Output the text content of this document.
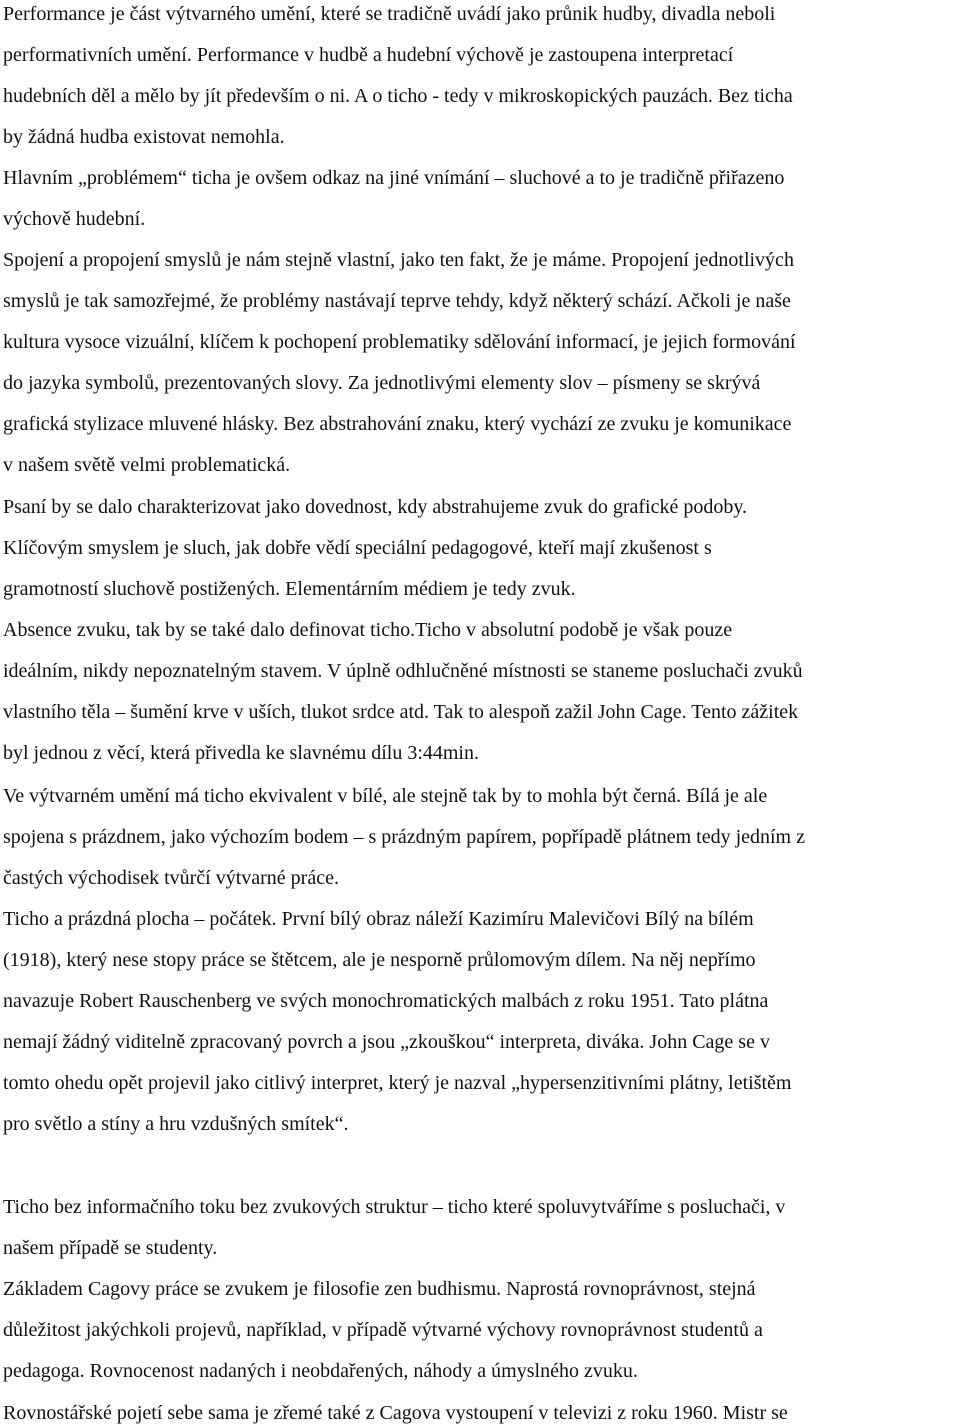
Performance je část výtvarného umění, které se tradičně uvádí jako průnik hudby, divadla neboli
performativních umění. Performance v hudbě a hudební výchově je zastoupena interpretací
hudebních děl a mělo by jít především o ni. A o ticho - tedy v mikroskopických pauzách. Bez ticha
by žádná hudba existovat nemohla.
Hlavním „problémem“ ticha je ovšem odkaz na jiné vnímání – sluchové a to je tradičně přiřazeno
výchově hudební.
Spojení a propojení smyslů je nám stejně vlastní, jako ten fakt, že je máme. Propojení jednotlivých
smyslů je tak samozřejmé, že problémy nastávají teprve tehdy, když některý schází. Ačkoli je naše
kultura vysoce vizuální, klíčem k pochopení problematiky sdělování informací, je jejich formování
do jazyka symbolů, prezentovaných slovy. Za jednotlivými elementy slov – písmeny se skrývá
grafická stylizace mluvené hlásky. Bez abstrahování znaku, který vychází ze zvuku je komunikace
v našem světě velmi problematická.
Psaní by se dalo charakterizovat jako dovednost, kdy abstrahujeme zvuk do grafické podoby.
Klíčovým smyslem je sluch, jak dobře vědí speciální pedagogové, kteří mají zkušenost s
gramotností sluchově postižených. Elementárním médiem je tedy zvuk.
Absence zvuku, tak by se také dalo definovat ticho.Ticho v absolutní podobě je však pouze
ideálním, nikdy nepoznatelným stavem. V úplně odhlučněné místnosti se staneme posluchači zvuků
vlastního těla – šumění krve v uších, tlukot srdce atd. Tak to alespoň zažil John Cage. Tento zážitek
byl jednou z věcí, která přivedla ke slavnému dílu 3:44min.
Ve výtvarném umění má ticho ekvivalent v bílé, ale stejně tak by to mohla být černá. Bílá je ale
spojena s prázdnem, jako výchozím bodem – s prázdným papírem, popřípadě plátnem tedy jedním z
častých východisek tvůrčí výtvarné práce.
Ticho a prázdná plocha – počátek. První bílý obraz náleží Kazimíru Malevičovi Bílý na bílém
(1918), který nese stopy práce se štětcem, ale je nesporně průlomovým dílem. Na něj nepřímo
navazuje Robert Rauschenberg ve svých monochromatických malbách z roku 1951. Tato plátna
nemají žádný viditelně zpracovaný povrch a jsou „zkouškou“ interpreta, diváka. John Cage se v
tomto ohedu opět projevil jako citlivý interpret, který je nazval „hypersenzitivními plátny, letištěm
pro světlo a stíny a hru vzdušných smítek“.
Ticho bez informačního toku bez zvukových struktur – ticho které spoluvytváříme s posluchači, v
našem případě se studenty.
Základem Cagovy práce se zvukem je filosofie zen budhismu. Naprostá rovnoprávnost, stejná
důležitost jakýchkoli projevů, například, v případě výtvarné výchovy rovnoprávnost studentů a
pedagoga. Rovnocenost nadaných i neobdařených, náhody a úmyslného zvuku.
Rovnostářské pojetí sebe sama je zřemé také z Cagova vystoupení v televizi z roku 1960. Mistr se
